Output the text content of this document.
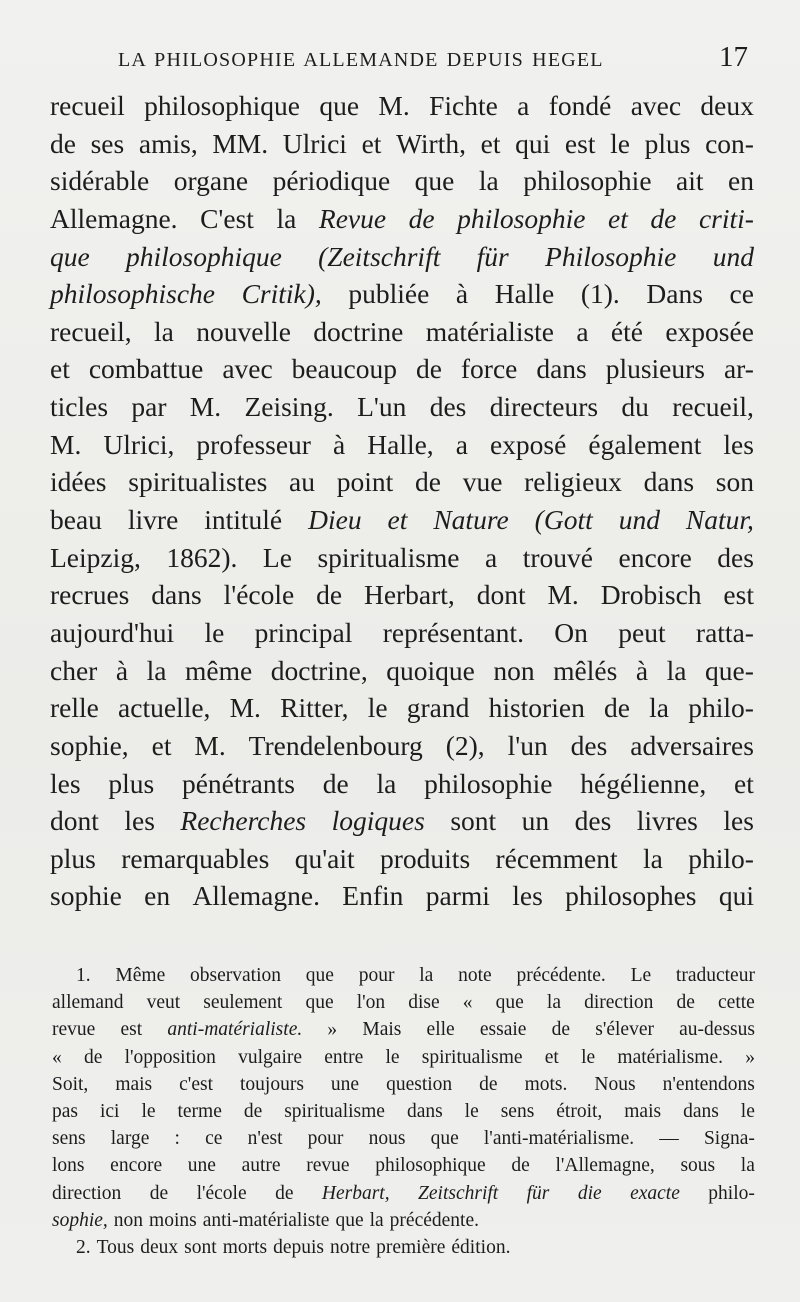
LA PHILOSOPHIE ALLEMANDE DEPUIS HEGEL	17
recueil philosophique que M. Fichte a fondé avec deux
de ses amis, MM. Ulrici et Wirth, et qui est le plus con-
sidérable organe périodique que la philosophie ait en
Allemagne. C'est la Revue de philosophie et de criti-
que philosophique (Zeitschrift für Philosophie und
philosophische Critik), publiée à Halle (1). Dans ce
recueil, la nouvelle doctrine matérialiste a été exposée
et combattue avec beaucoup de force dans plusieurs ar-
ticles par M. Zeising. L'un des directeurs du recueil,
M. Ulrici, professeur à Halle, a exposé également les
idées spiritualistes au point de vue religieux dans son
beau livre intitulé Dieu et Nature (Gott und Natur,
Leipzig, 1862). Le spiritualisme a trouvé encore des
recrues dans l'école de Herbart, dont M. Drobisch est
aujourd'hui le principal représentant. On peut ratta-
cher à la même doctrine, quoique non mêlés à la que-
relle actuelle, M. Ritter, le grand historien de la philo-
sophie, et M. Trendelenbourg (2), l'un des adversaires
les plus pénétrants de la philosophie hégélienne, et
dont les Recherches logiques sont un des livres les
plus remarquables qu'ait produits récemment la philo-
sophie en Allemagne. Enfin parmi les philosophes qui
1. Même observation que pour la note précédente. Le traducteur
allemand veut seulement que l'on dise « que la direction de cette
revue est anti-matérialiste. » Mais elle essaie de s'élever au-dessus
« de l'opposition vulgaire entre le spiritualisme et le matérialisme. »
Soit, mais c'est toujours une question de mots. Nous n'entendons
pas ici le terme de spiritualisme dans le sens étroit, mais dans le
sens large : ce n'est pour nous que l'anti-matérialisme. — Signa-
lons encore une autre revue philosophique de l'Allemagne, sous la
direction de l'école de Herbart, Zeitschrift für die exacte philo-
sophie, non moins anti-matérialiste que la précédente.
2. Tous deux sont morts depuis notre première édition.
